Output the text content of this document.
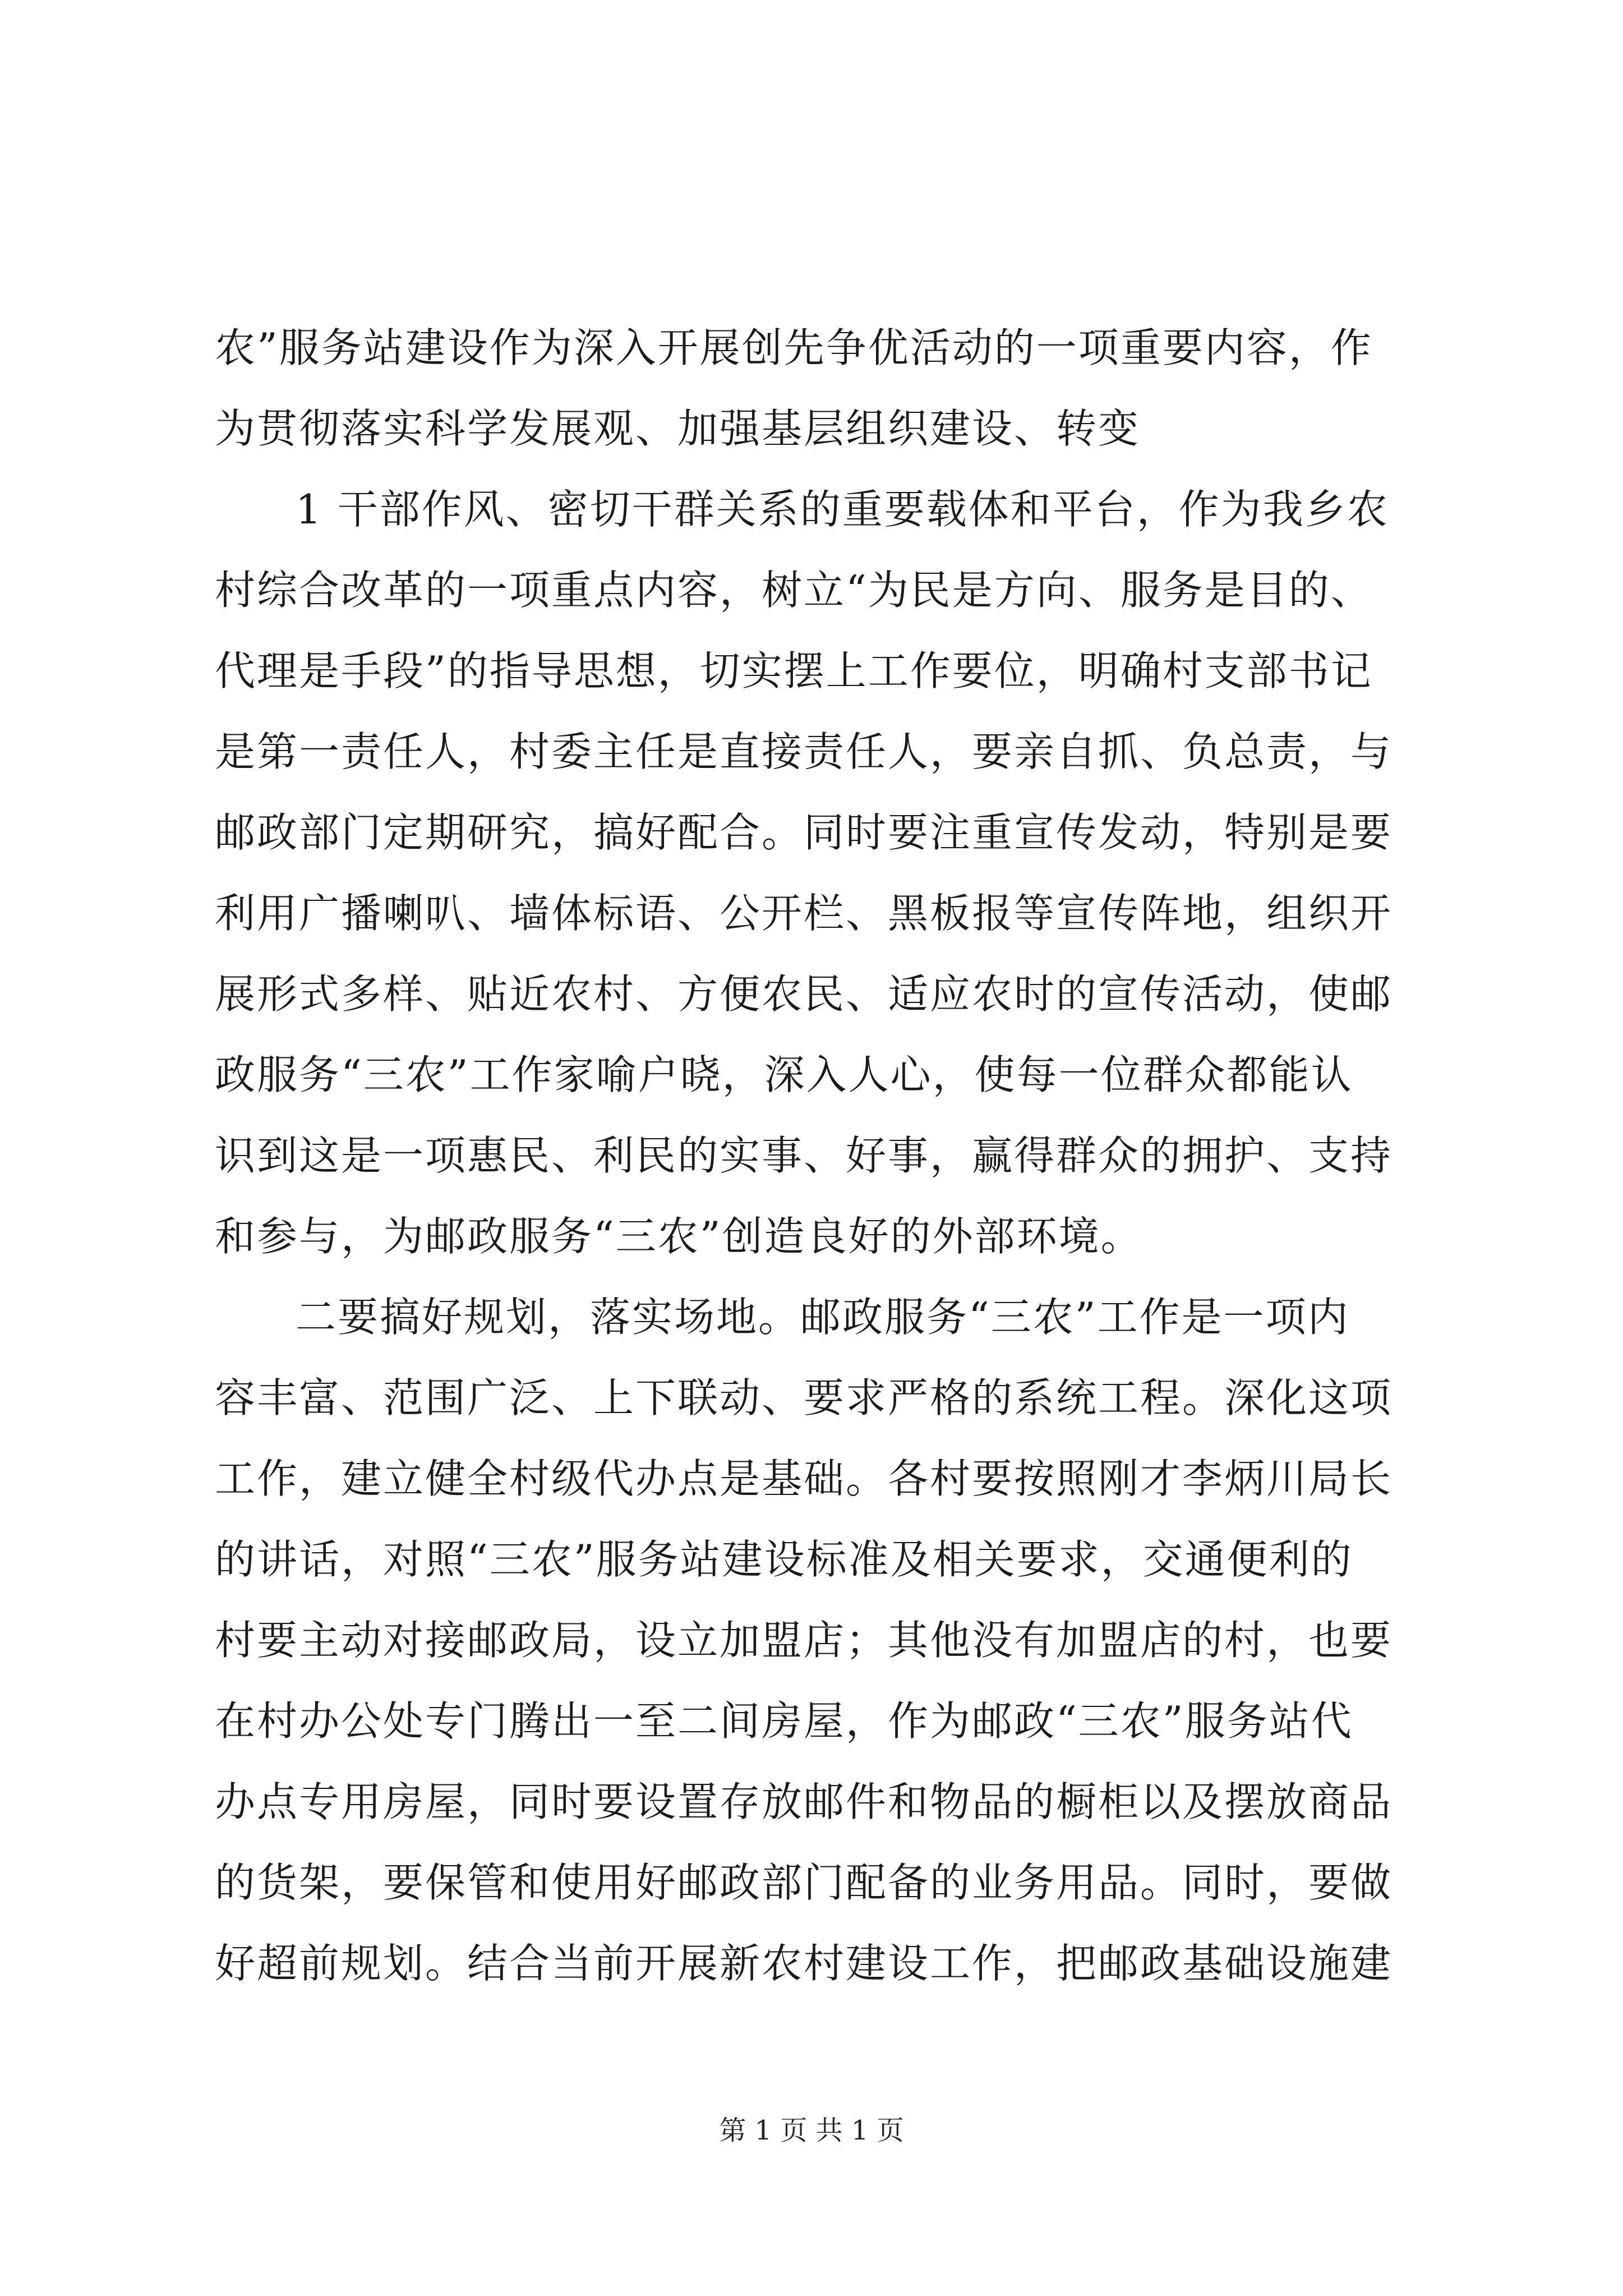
农”服务站建设作为深入开展创先争优活动的一项重要内容，作
为贯彻落实科学发展观、加强基层组织建设、转变
1 干部作风、密切干群关系的重要载体和平台，作为我乡农
村综合改革的一项重点内容，树立“为民是方向、服务是目的、
代理是手段”的指导思想，切实摆上工作要位，明确村支部书记
是第一责任人，村委主任是直接责任人，要亲自抓、负总责，与
邮政部门定期研究，搞好配合。同时要注重宣传发动，特别是要
利用广播喇叭、墙体标语、公开栏、黑板报等宣传阵地，组织开
展形式多样、贴近农村、方便农民、适应农时的宣传活动，使邮
政服务“三农”工作家喻户晓，深入人心，使每一位群众都能认
识到这是一项惠民、利民的实事、好事，赢得群众的拥护、支持
和参与，为邮政服务“三农”创造良好的外部环境。
二要搞好规划，落实场地。邮政服务“三农”工作是一项内
容丰富、范围广泛、上下联动、要求严格的系统工程。深化这项
工作，建立健全村级代办点是基础。各村要按照刚才李炳川局长
的讲话，对照“三农”服务站建设标准及相关要求，交通便利的
村要主动对接邮政局，设立加盟店；其他没有加盟店的村，也要
在村办公处专门腾出一至二间房屋，作为邮政“三农”服务站代
办点专用房屋，同时要设置存放邮件和物品的橱柜以及摆放商品
的货架，要保管和使用好邮政部门配备的业务用品。同时，要做
好超前规划。结合当前开展新农村建设工作，把邮政基础设施建
第 1 页 共 1 页
